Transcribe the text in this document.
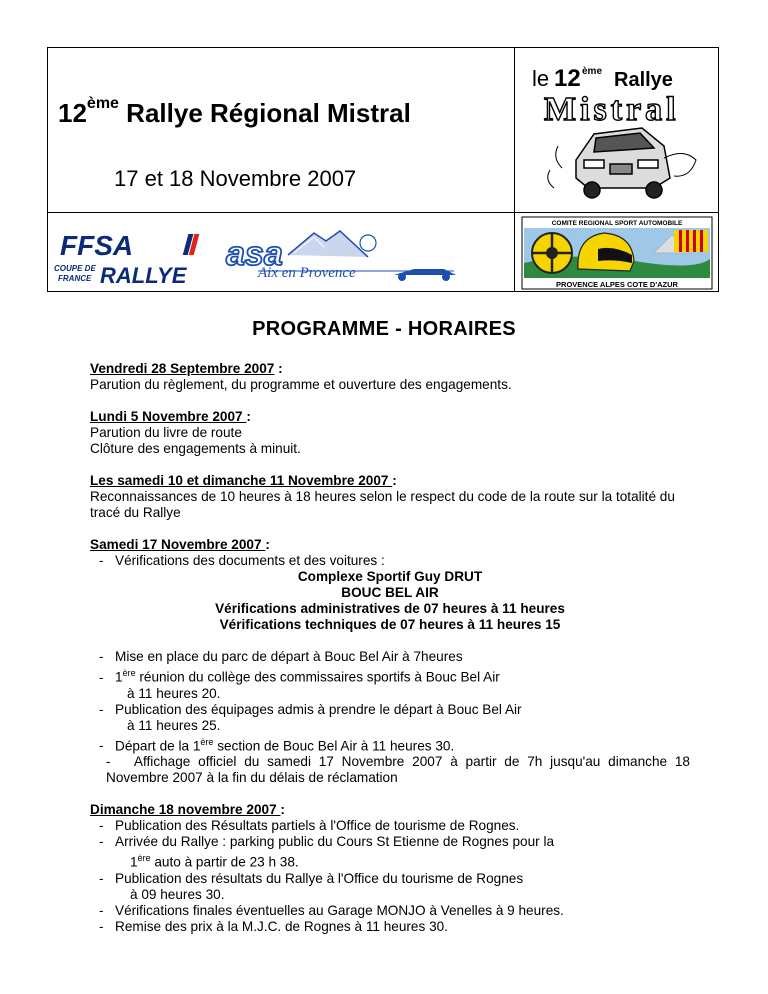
12ème Rallye Régional Mistral
17 et 18 Novembre 2007
le 12 ème Rallye
Mistral
FFSA
COUPE DE
FRANCE RALLYE
asa
Aix en Provence
COMITE REGIONAL SPORT AUTOMOBILE
PROVENCE ALPES COTE D'AZUR
PROGRAMME - HORAIRES
Vendredi 28 Septembre 2007 :
Parution du règlement, du programme et ouverture des engagements.
Lundi 5 Novembre 2007 :
Parution du livre de route
Clôture des engagements à minuit.
Les samedi 10 et dimanche 11 Novembre 2007 :
Reconnaissances de 10 heures à 18 heures selon le respect du code de la route sur la totalité du tracé du Rallye
Samedi 17 Novembre 2007 :
- Vérifications des documents et des voitures :
Complexe Sportif Guy DRUT
BOUC BEL AIR
Vérifications administratives de 07 heures à 11 heures
Vérifications techniques de 07 heures à 11 heures 15
- Mise en place du parc de départ à Bouc Bel Air à 7heures
- 1ère réunion du collège des commissaires sportifs à Bouc Bel Air
à 11 heures 20.
- Publication des équipages admis à prendre le départ à Bouc Bel Air
à 11 heures 25.
- Départ de la 1ère section de Bouc Bel Air à 11 heures 30.
- Affichage officiel du samedi 17 Novembre 2007 à partir de 7h jusqu'au dimanche 18 Novembre 2007 à la fin du délais de réclamation
Dimanche 18 novembre 2007 :
- Publication des Résultats partiels à l'Office de tourisme de Rognes.
- Arrivée du Rallye : parking public du Cours St Etienne de Rognes pour la
1ère auto à partir de 23 h 38.
- Publication des résultats du Rallye à l'Office du tourisme de Rognes
à 09 heures 30.
- Vérifications finales éventuelles au Garage MONJO à Venelles à 9 heures.
- Remise des prix à la M.J.C. de Rognes à 11 heures 30.
